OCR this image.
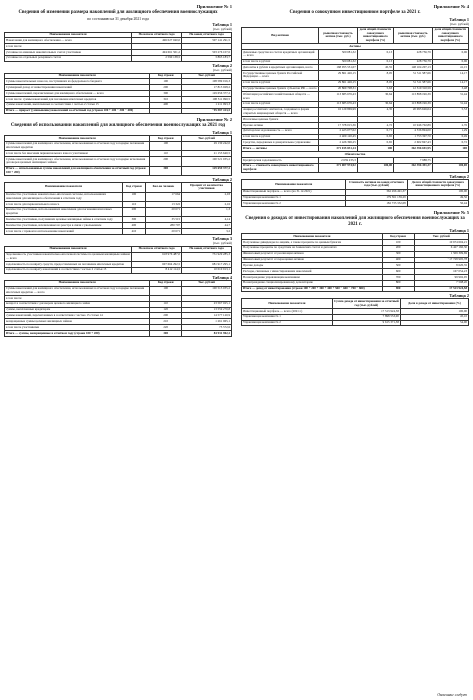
Приложение № 1

Сведения об изменении размера накоплений для жилищного обеспечения военнослужащих

по состоянию на 31 декабря 2021 года

Таблица 1

(тыс. рублей)

Наименование показателя	На начало отчетного года	На конец отчетного года
Накопления для жилищного обеспечения — всего	496 027 040,0	507 141 291,5
в том числе:		
учтенные на именных накопительных счетах участников	494 661 501,2	503 276 107,6
учтенные на отдельных резервных счетах	2 590 138,5	3 865 183,7

Таблица 2

(тыс. рублей)

Наименование показателя	Код строки	Тыс. рублей
Суммы накопительных взносов, поступивших из федерального бюджета	100	108 589 016,3
Суммарный доход от инвестирования накоплений	200	17 813 928,2
Суммы накоплений, перечисленных для жилищного обеспечения — всего	300	129 656 377,2
в том числе: суммы накоплений для погашения ипотечных кредитов	310	108 511 990,5
суммы накоплений, выплаченных в соответствии с частью 2 статьи 15	400	1 211 993,3
Итого — прирост (уменьшение) накоплений за отчетный год (строки 100 + 200 − 300 − 400)		−95 587 413,5

Приложение № 2

Сведения об использовании накоплений для жилищного обеспечения военнослужащих за 2021 год

Таблица 1

Наименование показателя	Код строки	Тыс. рублей
Суммы накоплений для жилищного обеспечения, использованных в отчетном году в порядке погашения ипотечных кредитов	100	29 130 242,0
в том числе без внесения первоначального взноса участником	110	21 153 640,5
Суммы накоплений для жилищного обеспечения, использованных в отчетном году в порядке исполнения договоров целевых жилищных займов	200	100 521 035,2
Итого — использованные суммы накоплений для жилищного обеспечения за отчетный год (строки 100 + 200)	300	129 659 377,2

Таблица 2

Наименование показателя	Код строки	Кол-во человек	Процент от количества участников
Количество участников накопительно-ипотечной системы, использовавших накопления для жилищного обеспечения в отчетном году	100	17 664	2,03
в том числе для первоначального взноса	110	13 322	2,16
Количество участников, использовавших накопления для погашения ипотечных кредитов	200	20 671	1,3
Количество участников, получивших целевые жилищные займы в отчетном году	300	35 515	4,14
Количество участников, исключенных из реестра в связи с увольнением	400	280 797	44,7
в том числе с правом на использование накоплений	410	20 671	3,2

Таблица 3

(тыс. рублей)

Наименование показателя	На начало отчетного года	На конец отчетного года
Задолженность участников накопительно-ипотечной системы по целевым жилищным займам — всего	618 976 487,0	731 929 285,3
задолженность по возврату средств, предоставленных на погашение ипотечных кредитов	607 664 292,5	681 917 295,1
задолженность по возврату накоплений в соответствии с частью 2 статьи 15	8 412 114,5	10 010 913,1

Таблица 4

Наименование показателя	Код строки	Тыс. рублей
Суммы накоплений для жилищного обеспечения, использованных в отчетном году в порядке погашения ипотечных кредитов — всего	100	100 513 035,2
в том числе:		
возврат в соответствии с договором целевого жилищного займа	110	23 567 025,1
суммы, выплаченные кредиторам	120	13 559 270,8
суммы накоплений, перечисленных в соответствии с частью 15 статьи 14	200	14 577 120,9
возвращенные суммы целевых жилищных займов	210	1 261 965,1
в том числе участниками	220	75 572,6
Итого — суммы, возвращенные в отчетном году (строки 100 + 200)	300	84 931 902,2

Приложение № 4

Сведения о совокупном инвестиционном портфеле за 2021 г.

Таблица 1

(тыс. рублей)

Вид активов	рыночная стоимость актива (тыс. руб.)	доля общей стоимости совокупного инвестиционного портфеля (%)	рыночная стоимость актива (тыс. руб.)	доля общей стоимости совокупного инвестиционного портфеля (%)
Активы				
Денежные средства на счетах кредитных организаций — всего	500 081,32	0,13	228 756,79	0,06
в том числе в рублях	500 081,32	0,13	228 756,79	0,06
Депозиты в рублях в кредитных организациях, всего	168 955 551,07	45,55	148 104 207,13	41,15
Государственные ценные бумаги Российской Федерации — всего	29 861 426,15	8,05	51 511 587,66	14,17
в том числе в рублях	29 861 426,15	8,05	51 511 587,66	14,17
Государственные ценные бумаги субъектов РФ — всего	20 869 708,31	5,63	12 510 310,59	3,48
Облигации российских хозяйственных обществ — всего	113 685 676,43	30,64	113 898 196,39	31,44
в том числе в рублях	113 685 676,43	30,64	113 898 196,39	31,44
Акции российских эмитентов, созданных в форме открытых акционерных обществ — всего	16 129 869,99	4,35	20 095 626,04	5,53
Ипотечные ценные бумаги				
Прочие активы	17 378 015,36	4,72	10 946 702,89	2,76
Дебиторская задолженность — всего	2 423 077,02	0,71	4 536 894,00	1,29
в том числе в рублях	2 409 120,45	0,65	1 753 397,70	0,49
Средства, переданные в доверительное управление	2 426 396,25	0,65	2 602 847,43	0,72
Итого — активы	371 015 831,14	100	362 396 691,95	100
Обязательства				
Кредиторская задолженность	2 639 233,3		7 988,75	
Итого — стоимость совокупного инвестиционного портфеля	371 007 974,92	100,00	362 396 491,37	100,00

Таблица 2

Наименование показателя	Стоимость активов на конец отчетного года (тыс. рублей)	Доля в общей стоимости совокупного инвестиционного портфеля (%)
Инвестиционный портфель — всего (на 31.12.2021)	362 296 491,37	100,00
Управляющая компания № 1	179 561 159,29	49,56
Управляющая компания № 2	182 735 332,08	50,44

Приложение № 5

Сведения о доходах от инвестирования накоплений для жилищного обеспечения военнослужащих за 2021 г.

Таблица 1

Наименование показателя	Код строки	Тыс. рублей
Полученные дивиденды по акциям, а также проценты по ценным бумагам	100	10 674 604,21
Полученные проценты по средствам на банковских счетах и депозитах	200	6 427 160,30
Финансовый результат от реализации активов	300	1 509 309,69
Финансовый результат от переоценки активов	400	−17 728 905,78
Прочие доходы	500	8 620,35
Расходы, связанные с инвестированием накоплений	600	167 054,23
Вознаграждение управляющим компаниям	700	99 992,95
Вознаграждение специализированному депозитарию	800	7 598,20
Итого — доход от инвестирования (строки 100 + 200 + 300 + 400 + 500 − 600 − 700 − 800)	900	17 513 924,58

Таблица 2

Наименование показателя	Сумма дохода от инвестирования за отчетный год (тыс. рублей)	Доля в доходе от инвестирования (%)
Инвестиционный портфель — всего (2021 г.)	17 513 924,58	100,00
Управляющая компания № 1	7 898 553,00	45,10
Управляющая компания № 2	9 615 371,58	54,90
Окончание следует
